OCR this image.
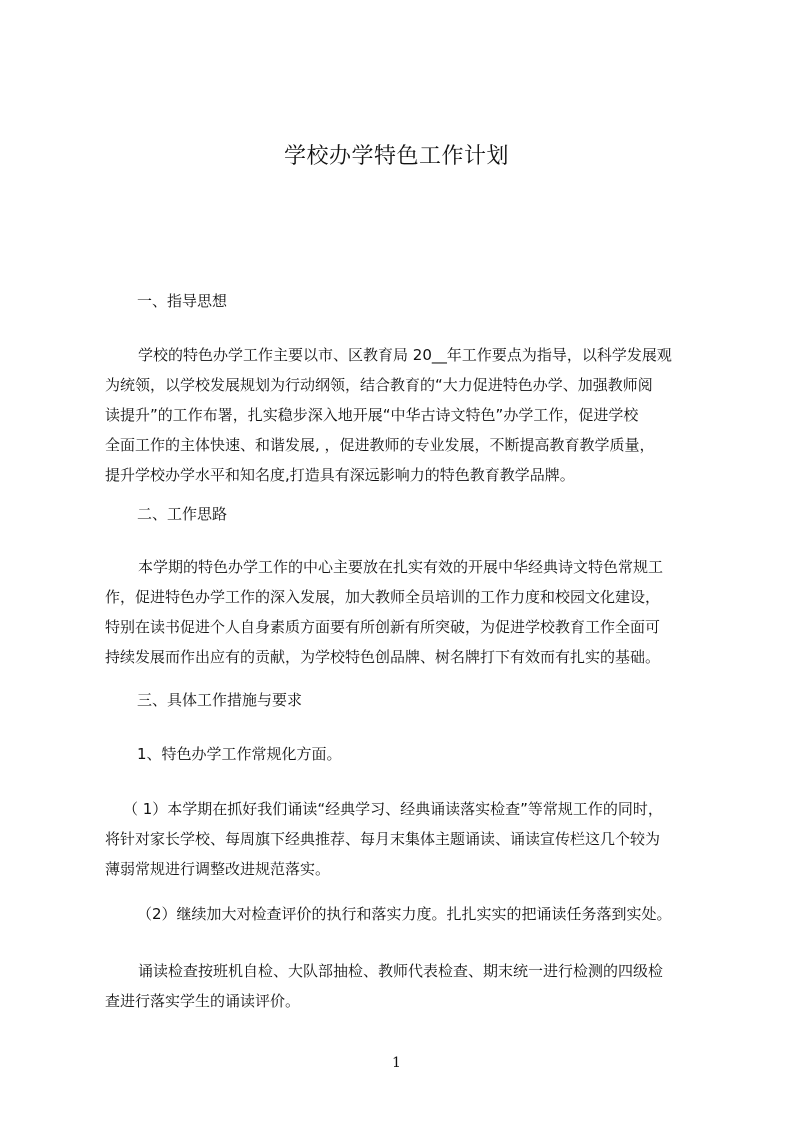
学校办学特色工作计划
一、指导思想
学校的特色办学工作主要以市、区教育局 20__年工作要点为指导，以科学发展观
为统领，以学校发展规划为行动纲领，结合教育的“大力促进特色办学、加强教师阅
读提升”的工作布署，扎实稳步深入地开展“中华古诗文特色”办学工作，促进学校
全面工作的主体快速、和谐发展, ，促进教师的专业发展，不断提高教育教学质量，
提升学校办学水平和知名度,打造具有深远影响力的特色教育教学品牌。
二、工作思路
本学期的特色办学工作的中心主要放在扎实有效的开展中华经典诗文特色常规工
作，促进特色办学工作的深入发展，加大教师全员培训的工作力度和校园文化建设，
特别在读书促进个人自身素质方面要有所创新有所突破，为促进学校教育工作全面可
持续发展而作出应有的贡献，为学校特色创品牌、树名牌打下有效而有扎实的基础。
三、具体工作措施与要求
1、特色办学工作常规化方面。
（ 1）本学期在抓好我们诵读“经典学习、经典诵读落实检查”等常规工作的同时，
将针对家长学校、每周旗下经典推荐、每月末集体主题诵读、诵读宣传栏这几个较为
薄弱常规进行调整改进规范落实。
（2）继续加大对检查评价的执行和落实力度。扎扎实实的把诵读任务落到实处。
诵读检查按班机自检、大队部抽检、教师代表检查、期末统一进行检测的四级检
查进行落实学生的诵读评价。
1
